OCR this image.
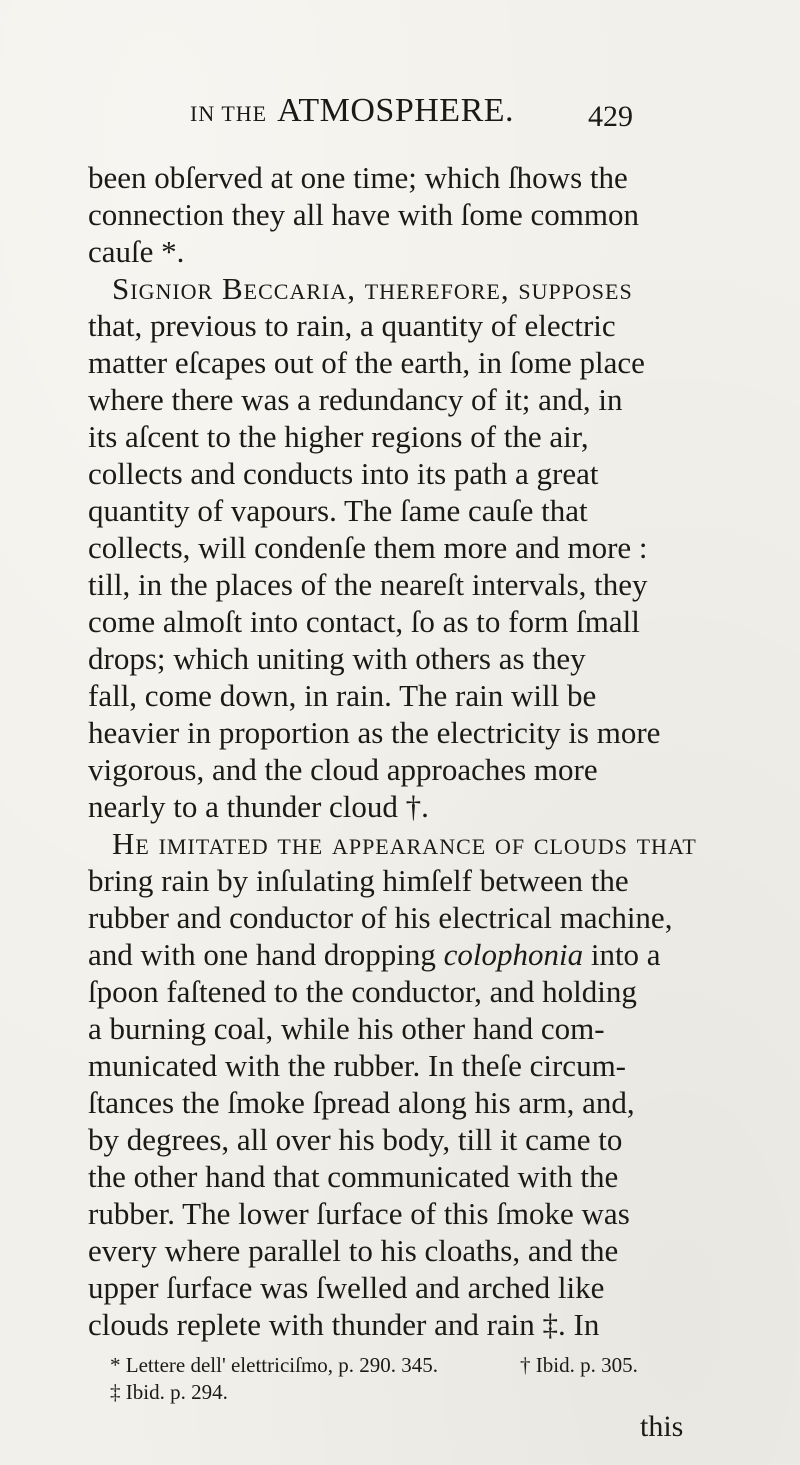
IN THE ATMOSPHERE. 429
been obſerved at one time; which ſhows the
connection they all have with ſome common
cauſe *.
Signior Beccaria, therefore, ſuppoſes
that, previous to rain, a quantity of electric
matter eſcapes out of the earth, in ſome place
where there was a redundancy of it; and, in
its aſcent to the higher regions of the air,
collects and conducts into its path a great
quantity of vapours. The ſame cauſe that
collects, will condenſe them more and more :
till, in the places of the neareſt intervals, they
come almoſt into contact, ſo as to form ſmall
drops; which uniting with others as they
fall, come down, in rain. The rain will be
heavier in proportion as the electricity is more
vigorous, and the cloud approaches more
nearly to a thunder cloud †.
He imitated the appearance of clouds that
bring rain by inſulating himſelf between the
rubber and conductor of his electrical machine,
and with one hand dropping colophonia into a
ſpoon faſtened to the conductor, and holding
a burning coal, while his other hand com-
municated with the rubber. In theſe circum-
ſtances the ſmoke ſpread along his arm, and,
by degrees, all over his body, till it came to
the other hand that communicated with the
rubber. The lower ſurface of this ſmoke was
every where parallel to his cloaths, and the
upper ſurface was ſwelled and arched like
clouds replete with thunder and rain ‡. In
* Lettere dell' elettriciſmo, p. 290. 345.	† Ibid. p. 305.
‡ Ibid. p. 294.
this
